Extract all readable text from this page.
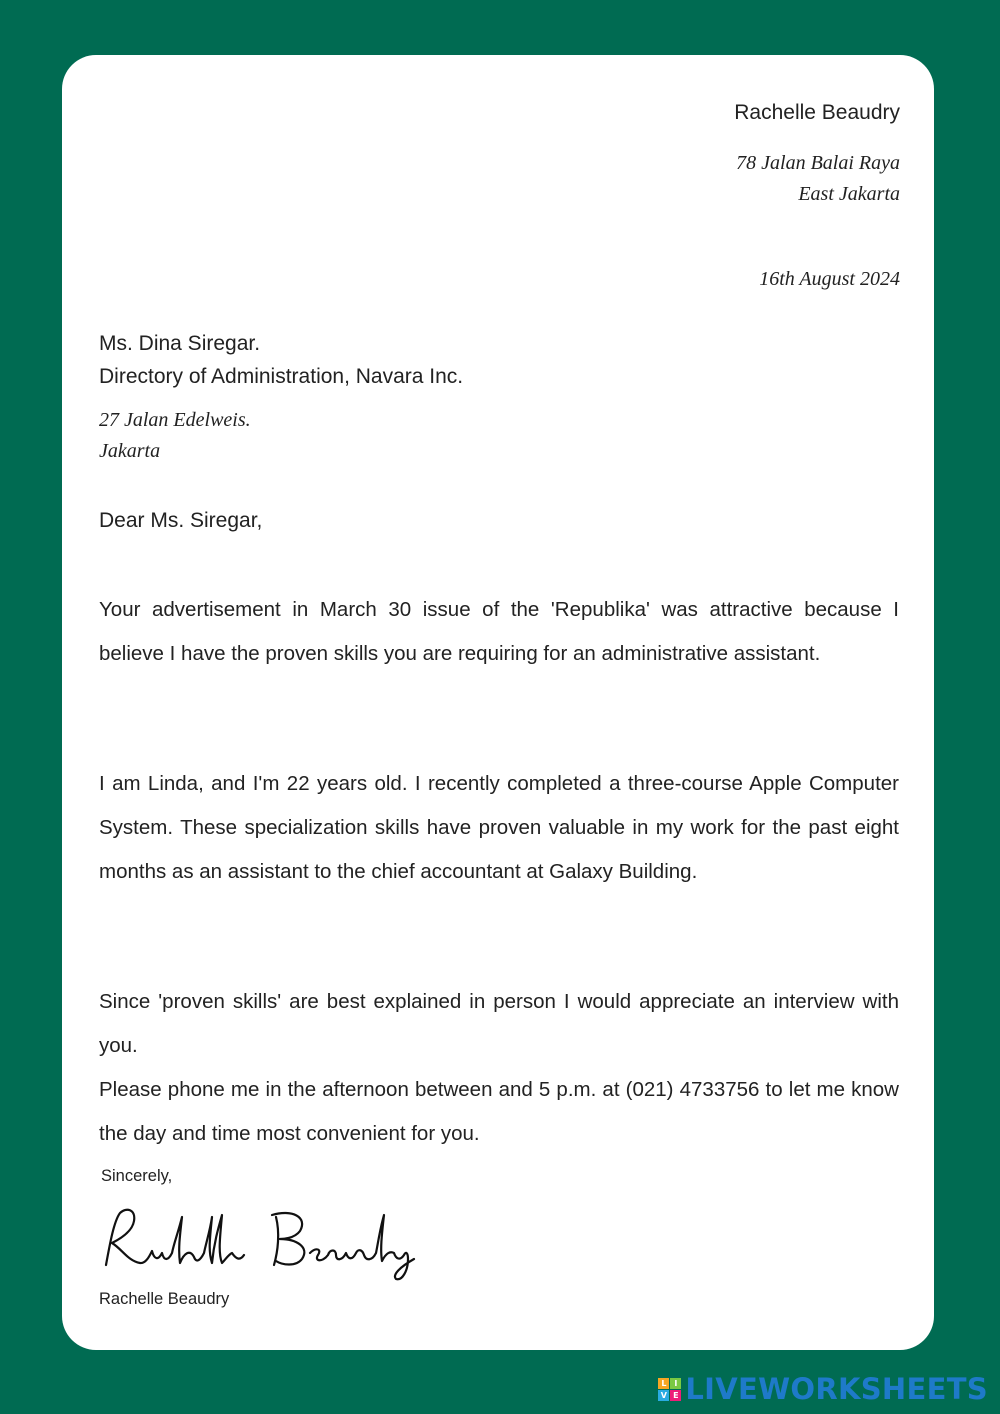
Rachelle Beaudry
78 Jalan Balai Raya
East Jakarta
16th August 2024
Ms. Dina Siregar.
Directory of Administration, Navara Inc.
27 Jalan Edelweis.
Jakarta
Dear Ms. Siregar,

Your advertisement in March 30 issue of the 'Republika' was attractive because I believe I have the proven skills you are requiring for an administrative assistant.

I am Linda, and I'm 22 years old. I recently completed a three-course Apple Computer System. These specialization skills have proven valuable in my work for the past eight months as an assistant to the chief accountant at Galaxy Building.

Since 'proven skills' are best explained in person I would appreciate an interview with you.

Please phone me in the afternoon between and 5 p.m. at (021) 4733756 to let me know the day and time most convenient for you.

Sincerely,
Rachelle Beaudry
L I
V E LIVEWORKSHEETS
